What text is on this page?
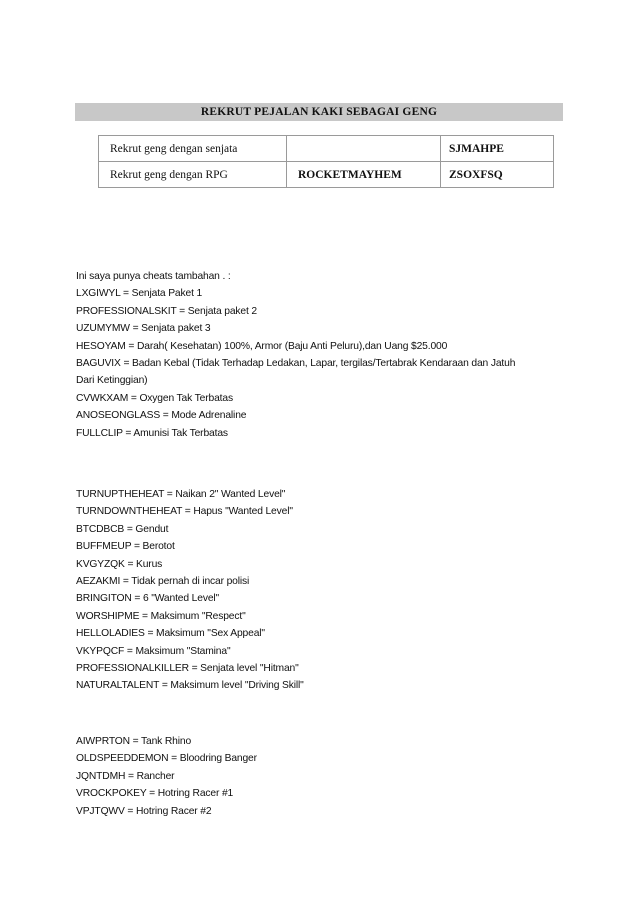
REKRUT PEJALAN KAKI SEBAGAI GENG
Rekrut geng dengan senjata		SJMAHPE
Rekrut geng dengan RPG	ROCKETMAYHEM	ZSOXFSQ
Ini saya punya cheats tambahan . :
LXGIWYL = Senjata Paket 1
PROFESSIONALSKIT = Senjata paket 2
UZUMYMW = Senjata paket 3
HESOYAM = Darah( Kesehatan) 100%, Armor (Baju Anti Peluru),dan Uang $25.000
BAGUVIX = Badan Kebal (Tidak Terhadap Ledakan, Lapar, tergilas/Tertabrak Kendaraan dan Jatuh
Dari Ketinggian)
CVWKXAM = Oxygen Tak Terbatas
ANOSEONGLASS = Mode Adrenaline
FULLCLIP = Amunisi Tak Terbatas
TURNUPTHEHEAT = Naikan 2" Wanted Level"
TURNDOWNTHEHEAT = Hapus "Wanted Level"
BTCDBCB = Gendut
BUFFMEUP = Berotot
KVGYZQK = Kurus
AEZAKMI = Tidak pernah di incar polisi
BRINGITON = 6 "Wanted Level"
WORSHIPME = Maksimum "Respect"
HELLOLADIES = Maksimum "Sex Appeal"
VKYPQCF = Maksimum "Stamina"
PROFESSIONALKILLER = Senjata level "Hitman"
NATURALTALENT = Maksimum level "Driving Skill"
AIWPRTON = Tank Rhino
OLDSPEEDDEMON = Bloodring Banger
JQNTDMH = Rancher
VROCKPOKEY = Hotring Racer #1
VPJTQWV = Hotring Racer #2
